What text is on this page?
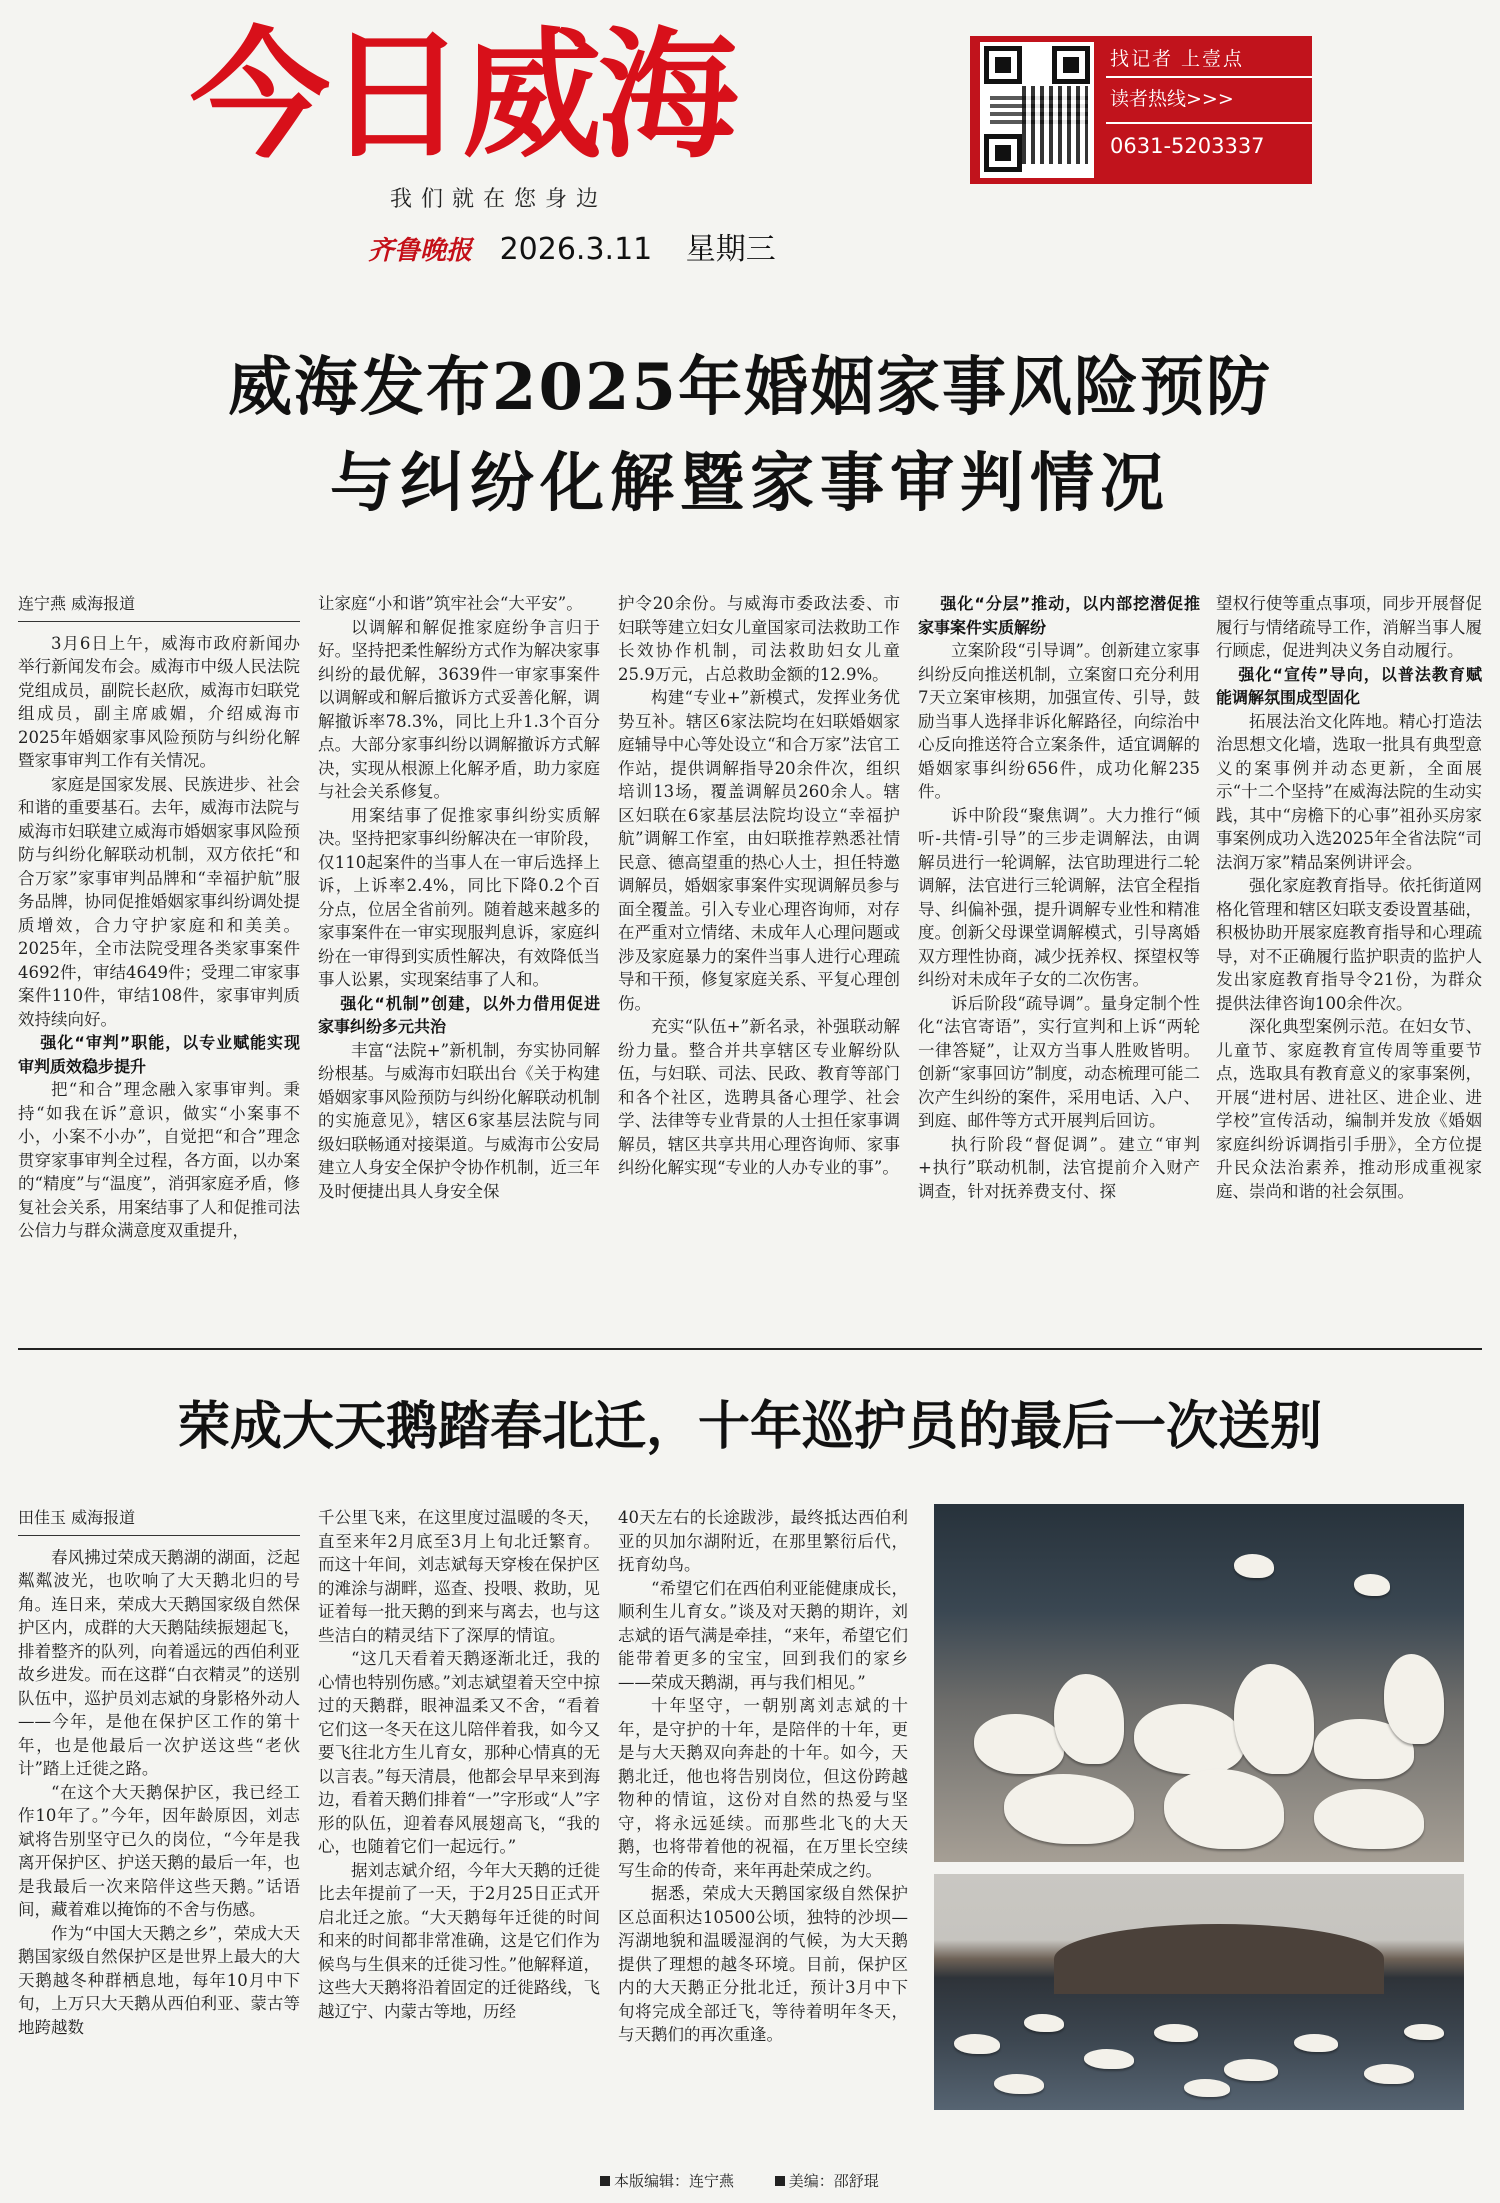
今日威海
我们就在您身边
齐鲁晚报 2026.3.11 星期三
找记者 上壹点
读者热线>>>
0631-5203337
威海发布2025年婚姻家事风险预防
与纠纷化解暨家事审判情况

连宁燕 威海报道

3月6日上午，威海市政府新闻办举行新闻发布会。威海市中级人民法院党组成员，副院长赵欣，威海市妇联党组成员，副主席戚媚，介绍威海市2025年婚姻家事风险预防与纠纷化解暨家事审判工作有关情况。

家庭是国家发展、民族进步、社会和谐的重要基石。去年，威海市法院与威海市妇联建立威海市婚姻家事风险预防与纠纷化解联动机制，双方依托“和合万家”家事审判品牌和“幸福护航”服务品牌，协同促推婚姻家事纠纷调处提质增效，合力守护家庭和和美美。2025年，全市法院受理各类家事案件4692件，审结4649件；受理二审家事案件110件，审结108件，家事审判质效持续向好。

强化“审判”职能，以专业赋能实现审判质效稳步提升

把“和合”理念融入家事审判。秉持“如我在诉”意识，做实“小案事不小，小案不小办”，自觉把“和合”理念贯穿家事审判全过程，各方面，以办案的“精度”与“温度”，消弭家庭矛盾，修复社会关系，用案结事了人和促推司法公信力与群众满意度双重提升，

让家庭“小和谐”筑牢社会“大平安”。

以调解和解促推家庭纷争言归于好。坚持把柔性解纷方式作为解决家事纠纷的最优解，3639件一审家事案件以调解或和解后撤诉方式妥善化解，调解撤诉率78.3%，同比上升1.3个百分点。大部分家事纠纷以调解撤诉方式解决，实现从根源上化解矛盾，助力家庭与社会关系修复。

用案结事了促推家事纠纷实质解决。坚持把家事纠纷解决在一审阶段，仅110起案件的当事人在一审后选择上诉，上诉率2.4%，同比下降0.2个百分点，位居全省前列。随着越来越多的家事案件在一审实现服判息诉，家庭纠纷在一审得到实质性解决，有效降低当事人讼累，实现案结事了人和。

强化“机制”创建，以外力借用促进家事纠纷多元共治

丰富“法院+”新机制，夯实协同解纷根基。与威海市妇联出台《关于构建婚姻家事风险预防与纠纷化解联动机制的实施意见》，辖区6家基层法院与同级妇联畅通对接渠道。与威海市公安局建立人身安全保护令协作机制，近三年及时便捷出具人身安全保

护令20余份。与威海市委政法委、市妇联等建立妇女儿童国家司法救助工作长效协作机制，司法救助妇女儿童25.9万元，占总救助金额的12.9%。

构建“专业+”新模式，发挥业务优势互补。辖区6家法院均在妇联婚姻家庭辅导中心等处设立“和合万家”法官工作站，提供调解指导20余件次，组织培训13场，覆盖调解员260余人。辖区妇联在6家基层法院均设立“幸福护航”调解工作室，由妇联推荐熟悉社情民意、德高望重的热心人士，担任特邀调解员，婚姻家事案件实现调解员参与面全覆盖。引入专业心理咨询师，对存在严重对立情绪、未成年人心理问题或涉及家庭暴力的案件当事人进行心理疏导和干预，修复家庭关系、平复心理创伤。

充实“队伍+”新名录，补强联动解纷力量。整合并共享辖区专业解纷队伍，与妇联、司法、民政、教育等部门和各个社区，选聘具备心理学、社会学、法律等专业背景的人士担任家事调解员，辖区共享共用心理咨询师、家事纠纷化解实现“专业的人办专业的事”。

强化“分层”推动，以内部挖潜促推家事案件实质解纷

立案阶段“引导调”。创新建立家事纠纷反向推送机制，立案窗口充分利用7天立案审核期，加强宣传、引导，鼓励当事人选择非诉化解路径，向综治中心反向推送符合立案条件，适宜调解的婚姻家事纠纷656件，成功化解235件。

诉中阶段“聚焦调”。大力推行“倾听-共情-引导”的三步走调解法，由调解员进行一轮调解，法官助理进行二轮调解，法官进行三轮调解，法官全程指导、纠偏补强，提升调解专业性和精准度。创新父母课堂调解模式，引导离婚双方理性协商，减少抚养权、探望权等纠纷对未成年子女的二次伤害。

诉后阶段“疏导调”。量身定制个性化“法官寄语”，实行宣判和上诉“两轮一律答疑”，让双方当事人胜败皆明。创新“家事回访”制度，动态梳理可能二次产生纠纷的案件，采用电话、入户、到庭、邮件等方式开展判后回访。

执行阶段“督促调”。建立“审判+执行”联动机制，法官提前介入财产调查，针对抚养费支付、探

望权行使等重点事项，同步开展督促履行与情绪疏导工作，消解当事人履行顾虑，促进判决义务自动履行。

强化“宣传”导向，以普法教育赋能调解氛围成型固化

拓展法治文化阵地。精心打造法治思想文化墙，选取一批具有典型意义的案事例并动态更新，全面展示“十二个坚持”在威海法院的生动实践，其中“房檐下的心事”祖孙买房家事案例成功入选2025年全省法院“司法润万家”精品案例讲评会。

强化家庭教育指导。依托街道网格化管理和辖区妇联支委设置基础，积极协助开展家庭教育指导和心理疏导，对不正确履行监护职责的监护人发出家庭教育指导令21份，为群众提供法律咨询100余件次。

深化典型案例示范。在妇女节、儿童节、家庭教育宣传周等重要节点，选取具有教育意义的家事案例，开展“进村居、进社区、进企业、进学校”宣传活动，编制并发放《婚姻家庭纠纷诉调指引手册》，全方位提升民众法治素养，推动形成重视家庭、崇尚和谐的社会氛围。

荣成大天鹅踏春北迁，十年巡护员的最后一次送别

田佳玉 威海报道

春风拂过荣成天鹅湖的湖面，泛起粼粼波光，也吹响了大天鹅北归的号角。连日来，荣成大天鹅国家级自然保护区内，成群的大天鹅陆续振翅起飞，排着整齐的队列，向着遥远的西伯利亚故乡进发。而在这群“白衣精灵”的送别队伍中，巡护员刘志斌的身影格外动人——今年，是他在保护区工作的第十年，也是他最后一次护送这些“老伙计”踏上迁徙之路。

“在这个大天鹅保护区，我已经工作10年了。”今年，因年龄原因，刘志斌将告别坚守已久的岗位，“今年是我离开保护区、护送天鹅的最后一年，也是我最后一次来陪伴这些天鹅。”话语间，藏着难以掩饰的不舍与伤感。

作为“中国大天鹅之乡”，荣成大天鹅国家级自然保护区是世界上最大的大天鹅越冬种群栖息地，每年10月中下旬，上万只大天鹅从西伯利亚、蒙古等地跨越数

千公里飞来，在这里度过温暖的冬天，直至来年2月底至3月上旬北迁繁育。而这十年间，刘志斌每天穿梭在保护区的滩涂与湖畔，巡查、投喂、救助，见证着每一批天鹅的到来与离去，也与这些洁白的精灵结下了深厚的情谊。

“这几天看着天鹅逐渐北迁，我的心情也特别伤感。”刘志斌望着天空中掠过的天鹅群，眼神温柔又不舍，“看着它们这一冬天在这儿陪伴着我，如今又要飞往北方生儿育女，那种心情真的无以言表。”每天清晨，他都会早早来到海边，看着天鹅们排着“一”字形或“人”字形的队伍，迎着春风展翅高飞，“我的心，也随着它们一起远行。”

据刘志斌介绍，今年大天鹅的迁徙比去年提前了一天，于2月25日正式开启北迁之旅。“大天鹅每年迁徙的时间和来的时间都非常准确，这是它们作为候鸟与生俱来的迁徙习性。”他解释道，这些大天鹅将沿着固定的迁徙路线，飞越辽宁、内蒙古等地，历经

40天左右的长途跋涉，最终抵达西伯利亚的贝加尔湖附近，在那里繁衍后代，抚育幼鸟。

“希望它们在西伯利亚能健康成长，顺利生儿育女。”谈及对天鹅的期许，刘志斌的语气满是牵挂，“来年，希望它们能带着更多的宝宝，回到我们的家乡——荣成天鹅湖，再与我们相见。”

十年坚守，一朝别离刘志斌的十年，是守护的十年，是陪伴的十年，更是与大天鹅双向奔赴的十年。如今，天鹅北迁，他也将告别岗位，但这份跨越物种的情谊，这份对自然的热爱与坚守，将永远延续。而那些北飞的大天鹅，也将带着他的祝福，在万里长空续写生命的传奇，来年再赴荣成之约。

据悉，荣成大天鹅国家级自然保护区总面积达10500公顷，独特的沙坝—泻湖地貌和温暖湿润的气候，为大天鹅提供了理想的越冬环境。目前，保护区内的大天鹅正分批北迁，预计3月中下旬将完成全部迁飞，等待着明年冬天，与天鹅们的再次重逢。

本版编辑：连宁燕	美编：邵舒琨
